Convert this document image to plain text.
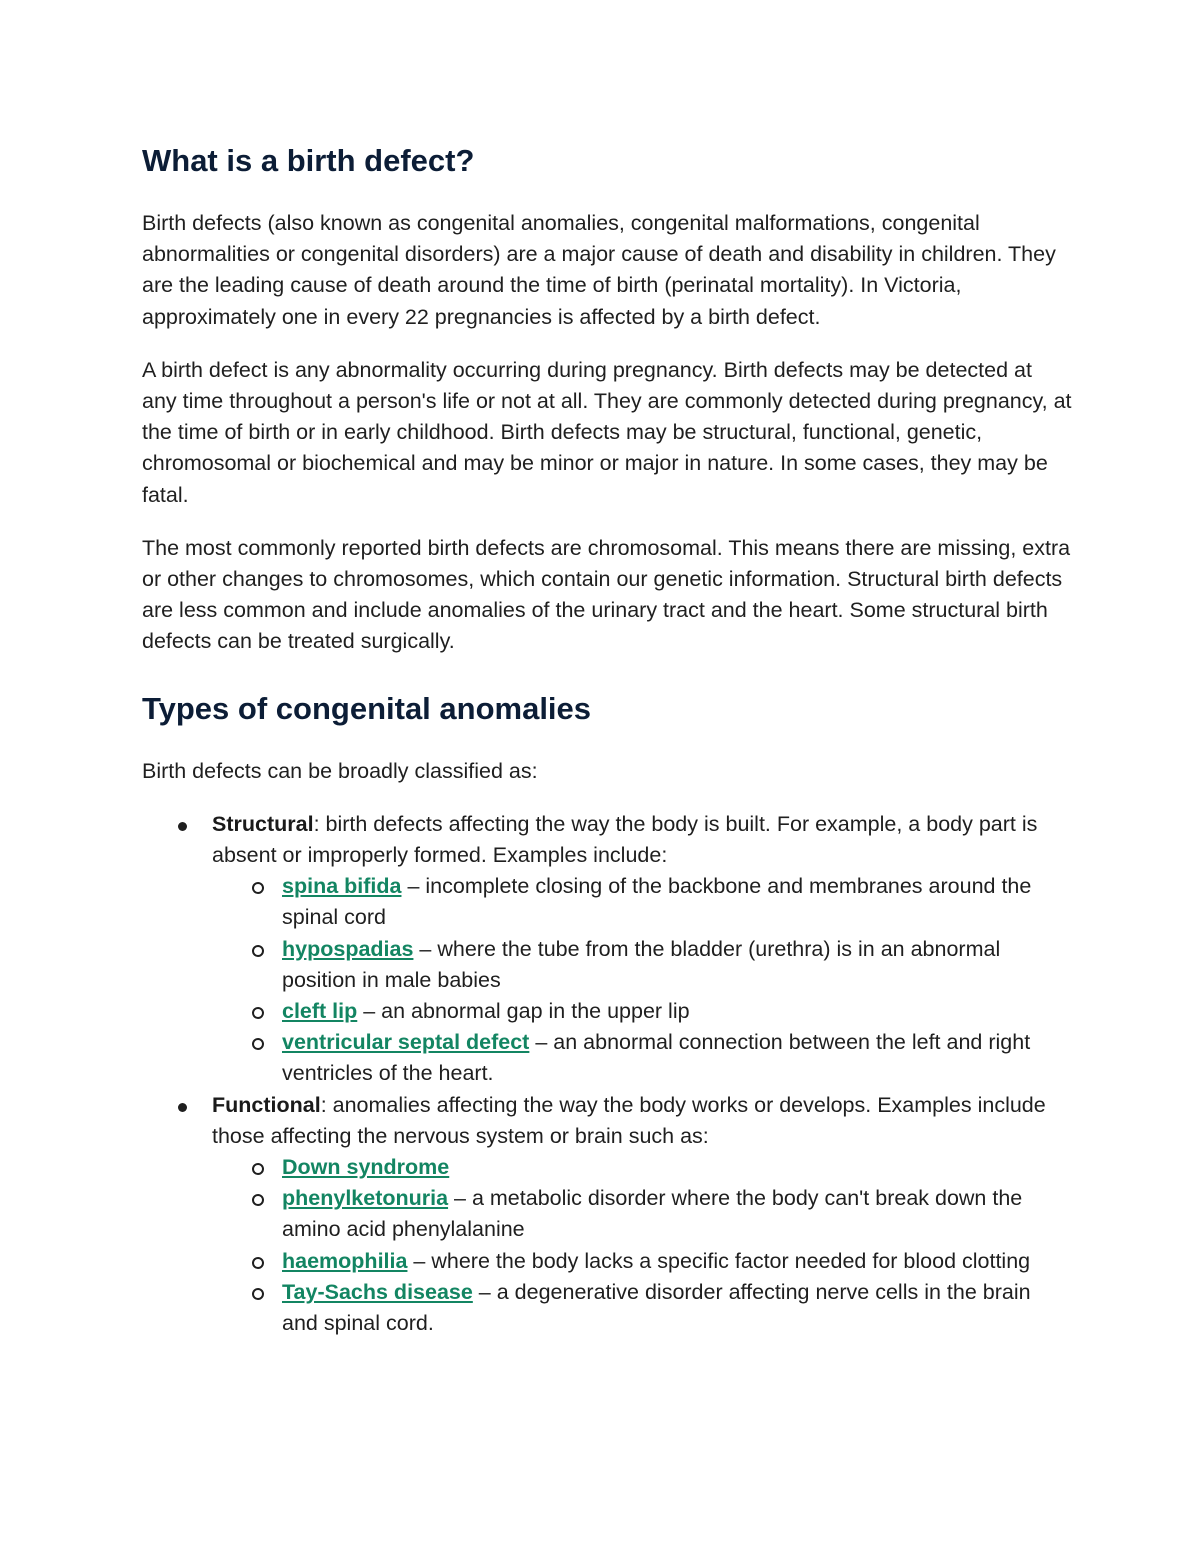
What is a birth defect?

Birth defects (also known as congenital anomalies, congenital malformations, congenital abnormalities or congenital disorders) are a major cause of death and disability in children. They are the leading cause of death around the time of birth (perinatal mortality). In Victoria, approximately one in every 22 pregnancies is affected by a birth defect.

A birth defect is any abnormality occurring during pregnancy. Birth defects may be detected at any time throughout a person's life or not at all. They are commonly detected during pregnancy, at the time of birth or in early childhood. Birth defects may be structural, functional, genetic, chromosomal or biochemical and may be minor or major in nature. In some cases, they may be fatal.

The most commonly reported birth defects are chromosomal. This means there are missing, extra or other changes to chromosomes, which contain our genetic information. Structural birth defects are less common and include anomalies of the urinary tract and the heart. Some structural birth defects can be treated surgically.

Types of congenital anomalies

Birth defects can be broadly classified as:

Structural: birth defects affecting the way the body is built. For example, a body part is absent or improperly formed. Examples include:
spina bifida – incomplete closing of the backbone and membranes around the spinal cord
hypospadias – where the tube from the bladder (urethra) is in an abnormal position in male babies
cleft lip – an abnormal gap in the upper lip
ventricular septal defect – an abnormal connection between the left and right ventricles of the heart.
Functional: anomalies affecting the way the body works or develops. Examples include those affecting the nervous system or brain such as:
Down syndrome
phenylketonuria – a metabolic disorder where the body can't break down the amino acid phenylalanine
haemophilia – where the body lacks a specific factor needed for blood clotting
Tay-Sachs disease – a degenerative disorder affecting nerve cells in the brain and spinal cord.
